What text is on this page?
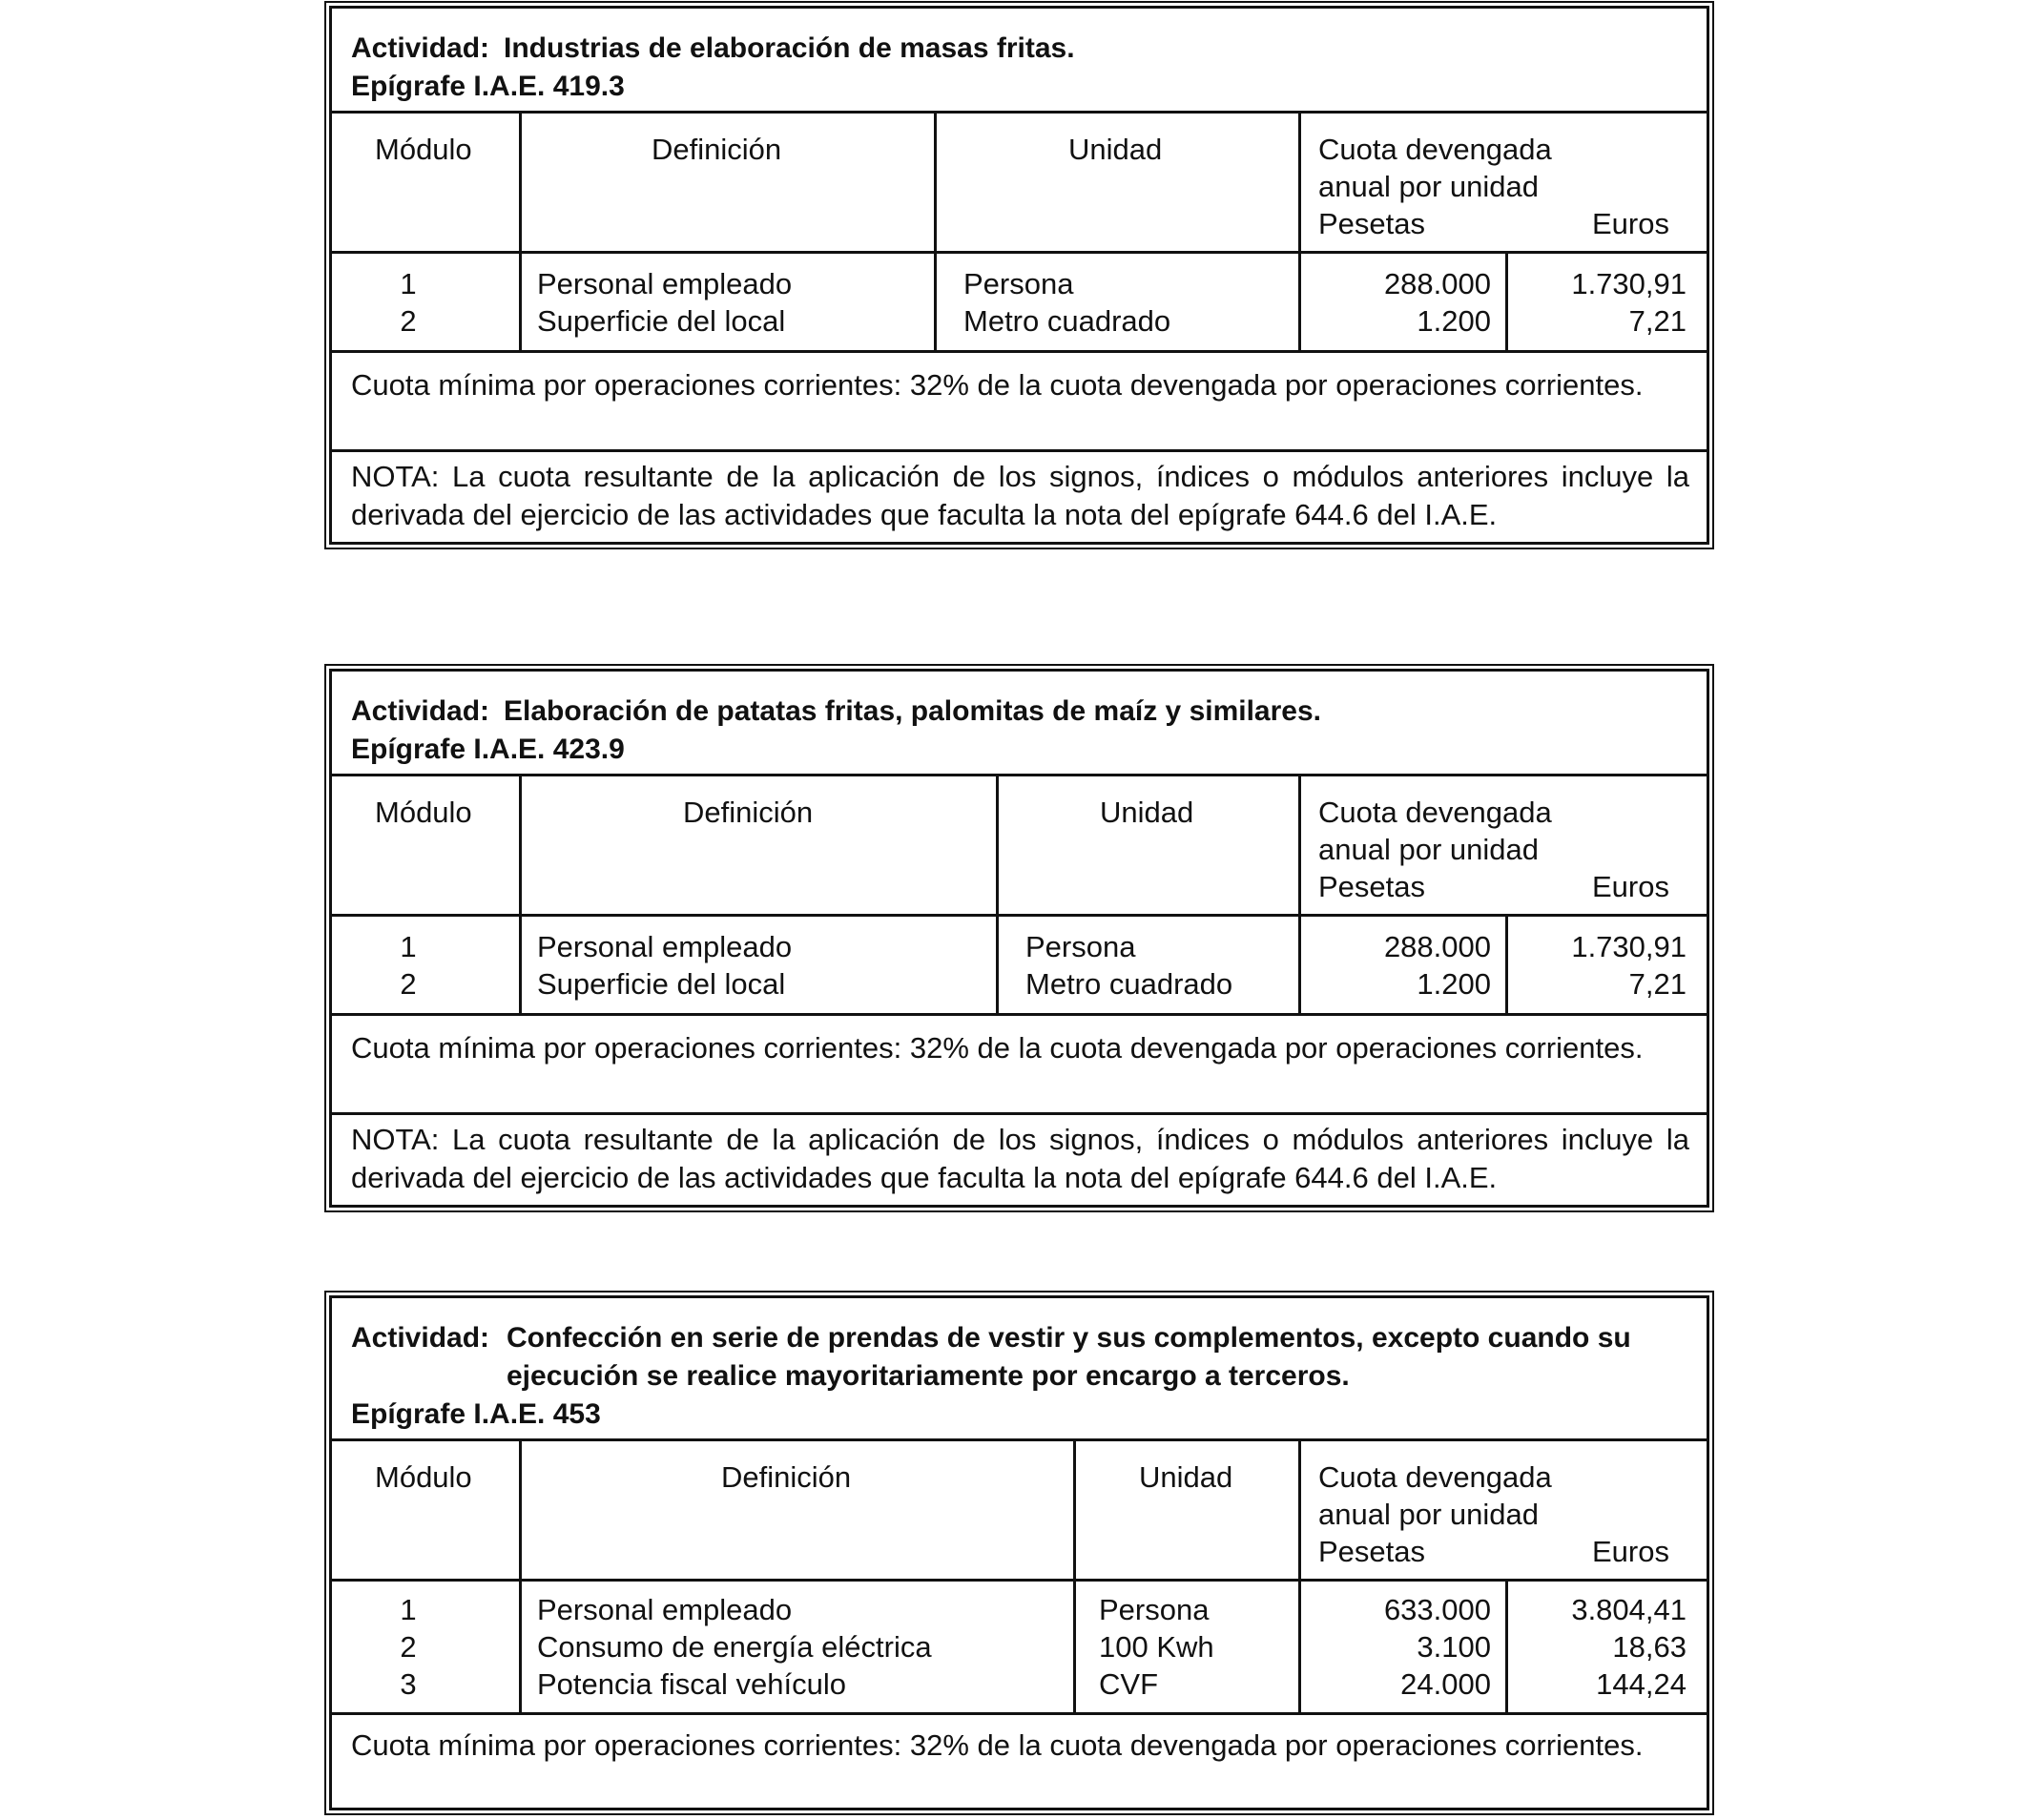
Actividad: Industrias de elaboración de masas fritas.
Epígrafe I.A.E. 419.3
Módulo	Definición	Unidad	Cuota devengada
anual por unidad
Pesetas	Euros
1	Personal empleado	Persona	288.000	1.730,91
2	Superficie del local	Metro cuadrado	1.200	7,21
Cuota mínima por operaciones corrientes: 32% de la cuota devengada por operaciones corrientes.
NOTA: La cuota resultante de la aplicación de los signos, índices o módulos anteriores incluye la derivada del ejercicio de las actividades que faculta la nota del epígrafe 644.6 del I.A.E.
Actividad: Elaboración de patatas fritas, palomitas de maíz y similares.
Epígrafe I.A.E. 423.9
Módulo	Definición	Unidad	Cuota devengada
anual por unidad
Pesetas	Euros
1	Personal empleado	Persona	288.000	1.730,91
2	Superficie del local	Metro cuadrado	1.200	7,21
Cuota mínima por operaciones corrientes: 32% de la cuota devengada por operaciones corrientes.
NOTA: La cuota resultante de la aplicación de los signos, índices o módulos anteriores incluye la derivada del ejercicio de las actividades que faculta la nota del epígrafe 644.6 del I.A.E.
Actividad: Confección en serie de prendas de vestir y sus complementos, excepto cuando su
ejecución se realice mayoritariamente por encargo a terceros.
Epígrafe I.A.E. 453
Módulo	Definición	Unidad	Cuota devengada
anual por unidad
Pesetas	Euros
1	Personal empleado	Persona	633.000	3.804,41
2	Consumo de energía eléctrica	100 Kwh	3.100	18,63
3	Potencia fiscal vehículo	CVF	24.000	144,24
Cuota mínima por operaciones corrientes: 32% de la cuota devengada por operaciones corrientes.
